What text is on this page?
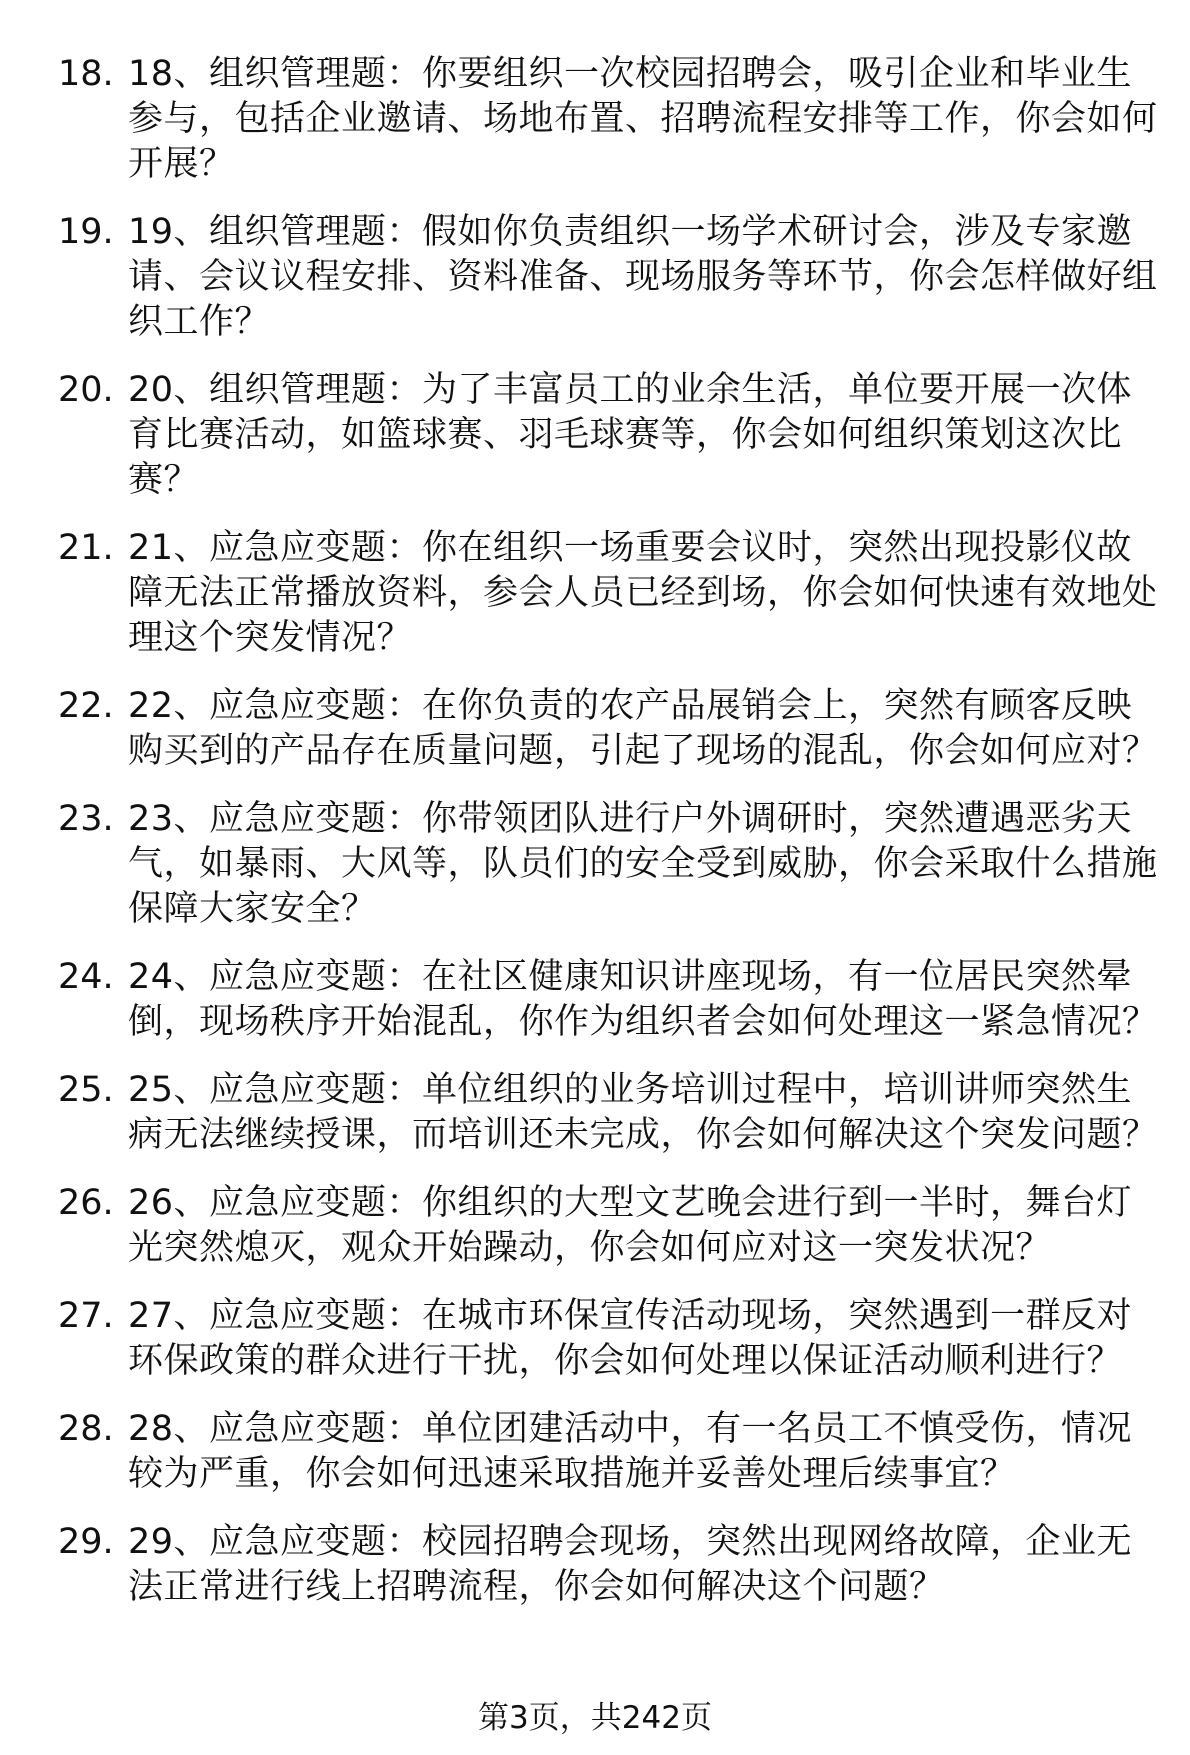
18. 18、组织管理题：你要组织一次校园招聘会，吸引企业和毕业生参与，包括企业邀请、场地布置、招聘流程安排等工作，你会如何开展？
19. 19、组织管理题：假如你负责组织一场学术研讨会，涉及专家邀请、会议议程安排、资料准备、现场服务等环节，你会怎样做好组织工作？
20. 20、组织管理题：为了丰富员工的业余生活，单位要开展一次体育比赛活动，如篮球赛、羽毛球赛等，你会如何组织策划这次比赛？
21. 21、应急应变题：你在组织一场重要会议时，突然出现投影仪故障无法正常播放资料，参会人员已经到场，你会如何快速有效地处理这个突发情况？
22. 22、应急应变题：在你负责的农产品展销会上，突然有顾客反映购买到的产品存在质量问题，引起了现场的混乱，你会如何应对？
23. 23、应急应变题：你带领团队进行户外调研时，突然遭遇恶劣天气，如暴雨、大风等，队员们的安全受到威胁，你会采取什么措施保障大家安全？
24. 24、应急应变题：在社区健康知识讲座现场，有一位居民突然晕倒，现场秩序开始混乱，你作为组织者会如何处理这一紧急情况？
25. 25、应急应变题：单位组织的业务培训过程中，培训讲师突然生病无法继续授课，而培训还未完成，你会如何解决这个突发问题？
26. 26、应急应变题：你组织的大型文艺晚会进行到一半时，舞台灯光突然熄灭，观众开始躁动，你会如何应对这一突发状况？
27. 27、应急应变题：在城市环保宣传活动现场，突然遇到一群反对环保政策的群众进行干扰，你会如何处理以保证活动顺利进行？
28. 28、应急应变题：单位团建活动中，有一名员工不慎受伤，情况较为严重，你会如何迅速采取措施并妥善处理后续事宜？
29. 29、应急应变题：校园招聘会现场，突然出现网络故障，企业无法正常进行线上招聘流程，你会如何解决这个问题？
第3页，共242页
